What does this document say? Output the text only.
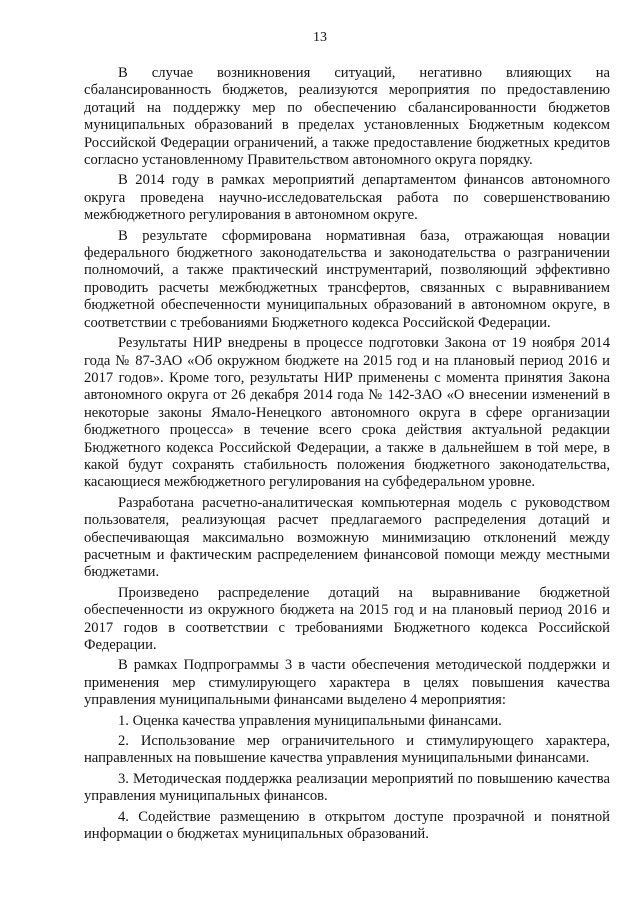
13

В случае возникновения ситуаций, негативно влияющих на сбалансированность бюджетов, реализуются мероприятия по предоставлению дотаций на поддержку мер по обеспечению сбалансированности бюджетов муниципальных образований в пределах установленных Бюджетным кодексом Российской Федерации ограничений, а также предоставление бюджетных кредитов согласно установленному Правительством автономного округа порядку.

В 2014 году в рамках мероприятий департаментом финансов автономного округа проведена научно-исследовательская работа по совершенствованию межбюджетного регулирования в автономном округе.

В результате сформирована нормативная база, отражающая новации федерального бюджетного законодательства и законодательства о разграничении полномочий, а также практический инструментарий, позволяющий эффективно проводить расчеты межбюджетных трансфертов, связанных с выравниванием бюджетной обеспеченности муниципальных образований в автономном округе, в соответствии с требованиями Бюджетного кодекса Российской Федерации.

Результаты НИР внедрены в процессе подготовки Закона от 19 ноября 2014 года № 87-ЗАО «Об окружном бюджете на 2015 год и на плановый период 2016 и 2017 годов». Кроме того, результаты НИР применены с момента принятия Закона автономного округа от 26 декабря 2014 года № 142-ЗАО «О внесении изменений в некоторые законы Ямало-Ненецкого автономного округа в сфере организации бюджетного процесса» в течение всего срока действия актуальной редакции Бюджетного кодекса Российской Федерации, а также в дальнейшем в той мере, в какой будут сохранять стабильность положения бюджетного законодательства, касающиеся межбюджетного регулирования на субфедеральном уровне.

Разработана расчетно-аналитическая компьютерная модель с руководством пользователя, реализующая расчет предлагаемого распределения дотаций и обеспечивающая максимально возможную минимизацию отклонений между расчетным и фактическим распределением финансовой помощи между местными бюджетами.

Произведено распределение дотаций на выравнивание бюджетной обеспеченности из окружного бюджета на 2015 год и на плановый период 2016 и 2017 годов в соответствии с требованиями Бюджетного кодекса Российской Федерации.

В рамках Подпрограммы 3 в части обеспечения методической поддержки и применения мер стимулирующего характера в целях повышения качества управления муниципальными финансами выделено 4 мероприятия:

1. Оценка качества управления муниципальными финансами.

2. Использование мер ограничительного и стимулирующего характера, направленных на повышение качества управления муниципальными финансами.

3. Методическая поддержка реализации мероприятий по повышению качества управления муниципальных финансов.

4. Содействие размещению в открытом доступе прозрачной и понятной информации о бюджетах муниципальных образований.
